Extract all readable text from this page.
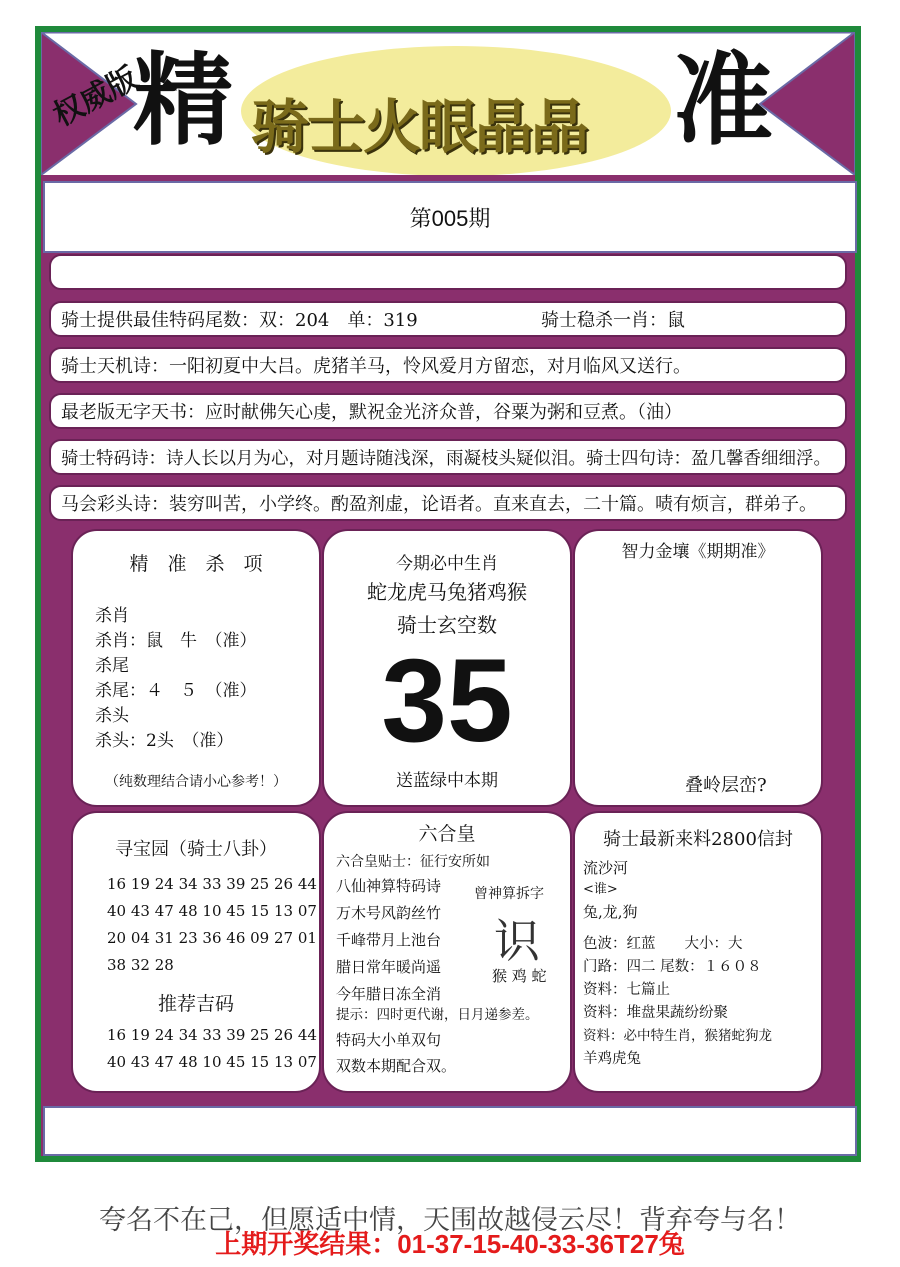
权威版
精 骑士火眼晶晶 准
第005期
骑士提供最佳特码尾数：双：204　单：319	骑士稳杀一肖：鼠
骑士天机诗：一阳初夏中大吕。虎猪羊马，怜风爱月方留恋，对月临风又送行。
最老版无字天书：应时献佛矢心虔，默祝金光济众普，谷粟为粥和豆煮。（油）
骑士特码诗：诗人长以月为心，对月题诗随浅深，雨凝枝头疑似泪。骑士四句诗：盈几馨香细细浮。
马会彩头诗：装穷叫苦，小学终。酌盈剂虚，论语者。直来直去，二十篇。啧有烦言，群弟子。
精　准　杀　项
杀肖
杀肖：鼠　牛　（准）
杀尾
杀尾：４　５　（准）
杀头
杀头：2头　（准）
（纯数理结合请小心参考！）
今期必中生肖
蛇龙虎马兔猪鸡猴
骑士玄空数
35
送蓝绿中本期
智力金壤《期期准》
叠岭层峦?
寻宝园（骑士八卦）
16 19 24 34 33 39 25 26 44
40 43 47 48 10 45 15 13 07
20 04 31 23 36 46 09 27 01
38 32 28
推荐吉码
16 19 24 34 33 39 25 26 44
40 43 47 48 10 45 15 13 07
六合皇
六合皇贴士：征行安所如
八仙神算特码诗
万木号风韵丝竹
千峰带月上池台
腊日常年暖尚遥
今年腊日冻全消
提示：四时更代谢，日月递参差。
特码大小单双句
双数本期配合双。
曾神算拆字
识
猴 鸡 蛇
骑士最新来料2800信封
流沙河
<谁>
兔,龙,狗
色波：红蓝　　大小：大
门路：四二 尾数：１６０８
资料：七篇止
资料：堆盘果蔬纷纷聚
资料：必中特生肖，猴猪蛇狗龙
羊鸡虎兔
夸名不在己，但愿适中情，天围故越侵云尽！背弃夸与名！
上期开奖结果：01-37-15-40-33-36T27兔
